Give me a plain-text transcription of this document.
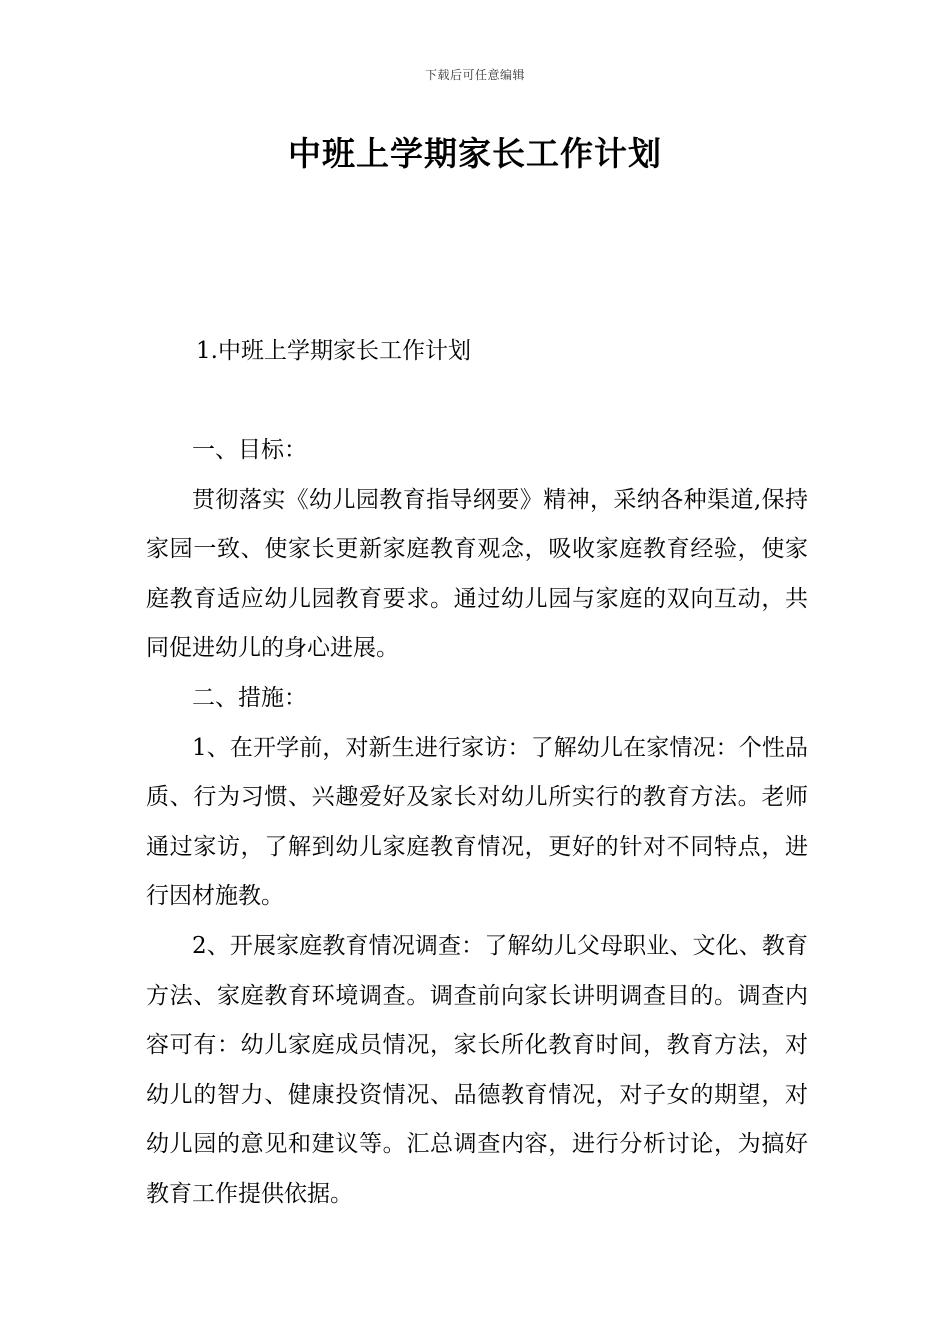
下载后可任意编辑
中班上学期家长工作计划
1.中班上学期家长工作计划

一、目标：

贯彻落实《幼儿园教育指导纲要》精神，采纳各种渠道,保持家园一致、使家长更新家庭教育观念，吸收家庭教育经验，使家庭教育适应幼儿园教育要求。通过幼儿园与家庭的双向互动，共同促进幼儿的身心进展。

二、措施：

1、在开学前，对新生进行家访：了解幼儿在家情况：个性品质、行为习惯、兴趣爱好及家长对幼儿所实行的教育方法。老师通过家访，了解到幼儿家庭教育情况，更好的针对不同特点，进行因材施教。

2、开展家庭教育情况调查：了解幼儿父母职业、文化、教育方法、家庭教育环境调查。调查前向家长讲明调查目的。调查内容可有：幼儿家庭成员情况，家长所化教育时间，教育方法，对幼儿的智力、健康投资情况、品德教育情况，对子女的期望，对幼儿园的意见和建议等。汇总调查内容，进行分析讨论，为搞好教育工作提供依据。
